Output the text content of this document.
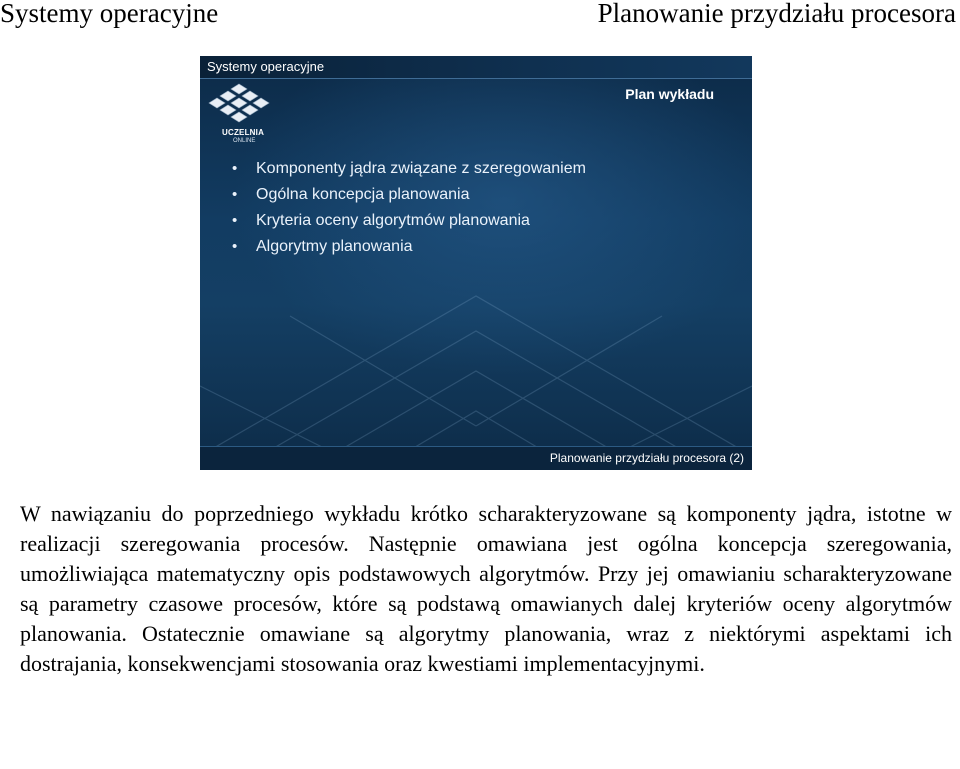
Systemy operacyjne	Planowanie przydziału procesora
Systemy operacyjne
UCZELNIA
ONLINE
Plan wykładu
• Komponenty jądra związane z szeregowaniem
• Ogólna koncepcja planowania
• Kryteria oceny algorytmów planowania
• Algorytmy planowania
Planowanie przydziału procesora (2)

W nawiązaniu do poprzedniego wykładu krótko scharakteryzowane są komponenty jądra, istotne w realizacji szeregowania procesów. Następnie omawiana jest ogólna koncepcja szeregowania, umożliwiająca matematyczny opis podstawowych algorytmów. Przy jej omawianiu scharakteryzowane są parametry czasowe procesów, które są podstawą omawianych dalej kryteriów oceny algorytmów planowania. Ostatecznie omawiane są algorytmy planowania, wraz z niektórymi aspektami ich dostrajania, konsekwencjami stosowania oraz kwestiami implementacyjnymi.
